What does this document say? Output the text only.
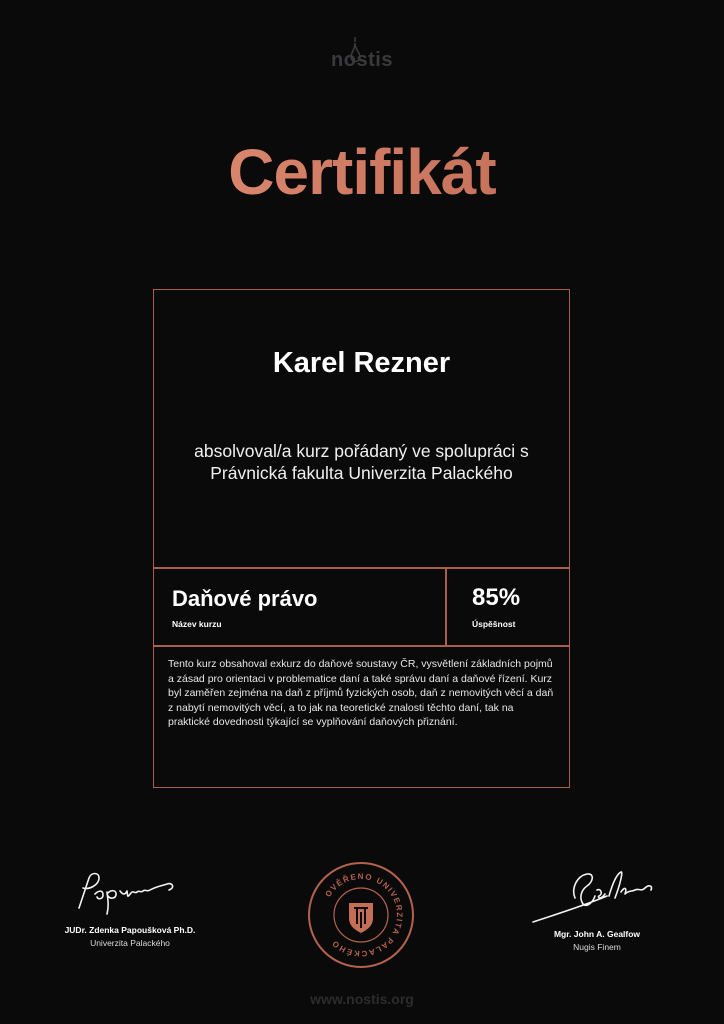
nostis
Certifikát
Karel Rezner
absolvoval/a kurz pořádaný ve spolupráci s
Právnická fakulta Univerzita Palackého
Daňové právo
Název kurzu
85%
Úspěšnost
Tento kurz obsahoval exkurz do daňové soustavy ČR, vysvětlení základních pojmů a zásad pro orientaci v problematice daní a také správu daní a daňové řízení. Kurz byl zaměřen zejména na daň z příjmů fyzických osob, daň z nemovitých věcí a daň z nabytí nemovitých věcí, a to jak na teoretické znalosti těchto daní, tak na praktické dovednosti týkající se vyplňování daňových přiznání.
JUDr. Zdenka Papoušková Ph.D.
Univerzita Palackého
OVĚŘENO UNIVERZITA PALACKÉHO
Mgr. John A. Gealfow
Nugis Finem
www.nostis.org
